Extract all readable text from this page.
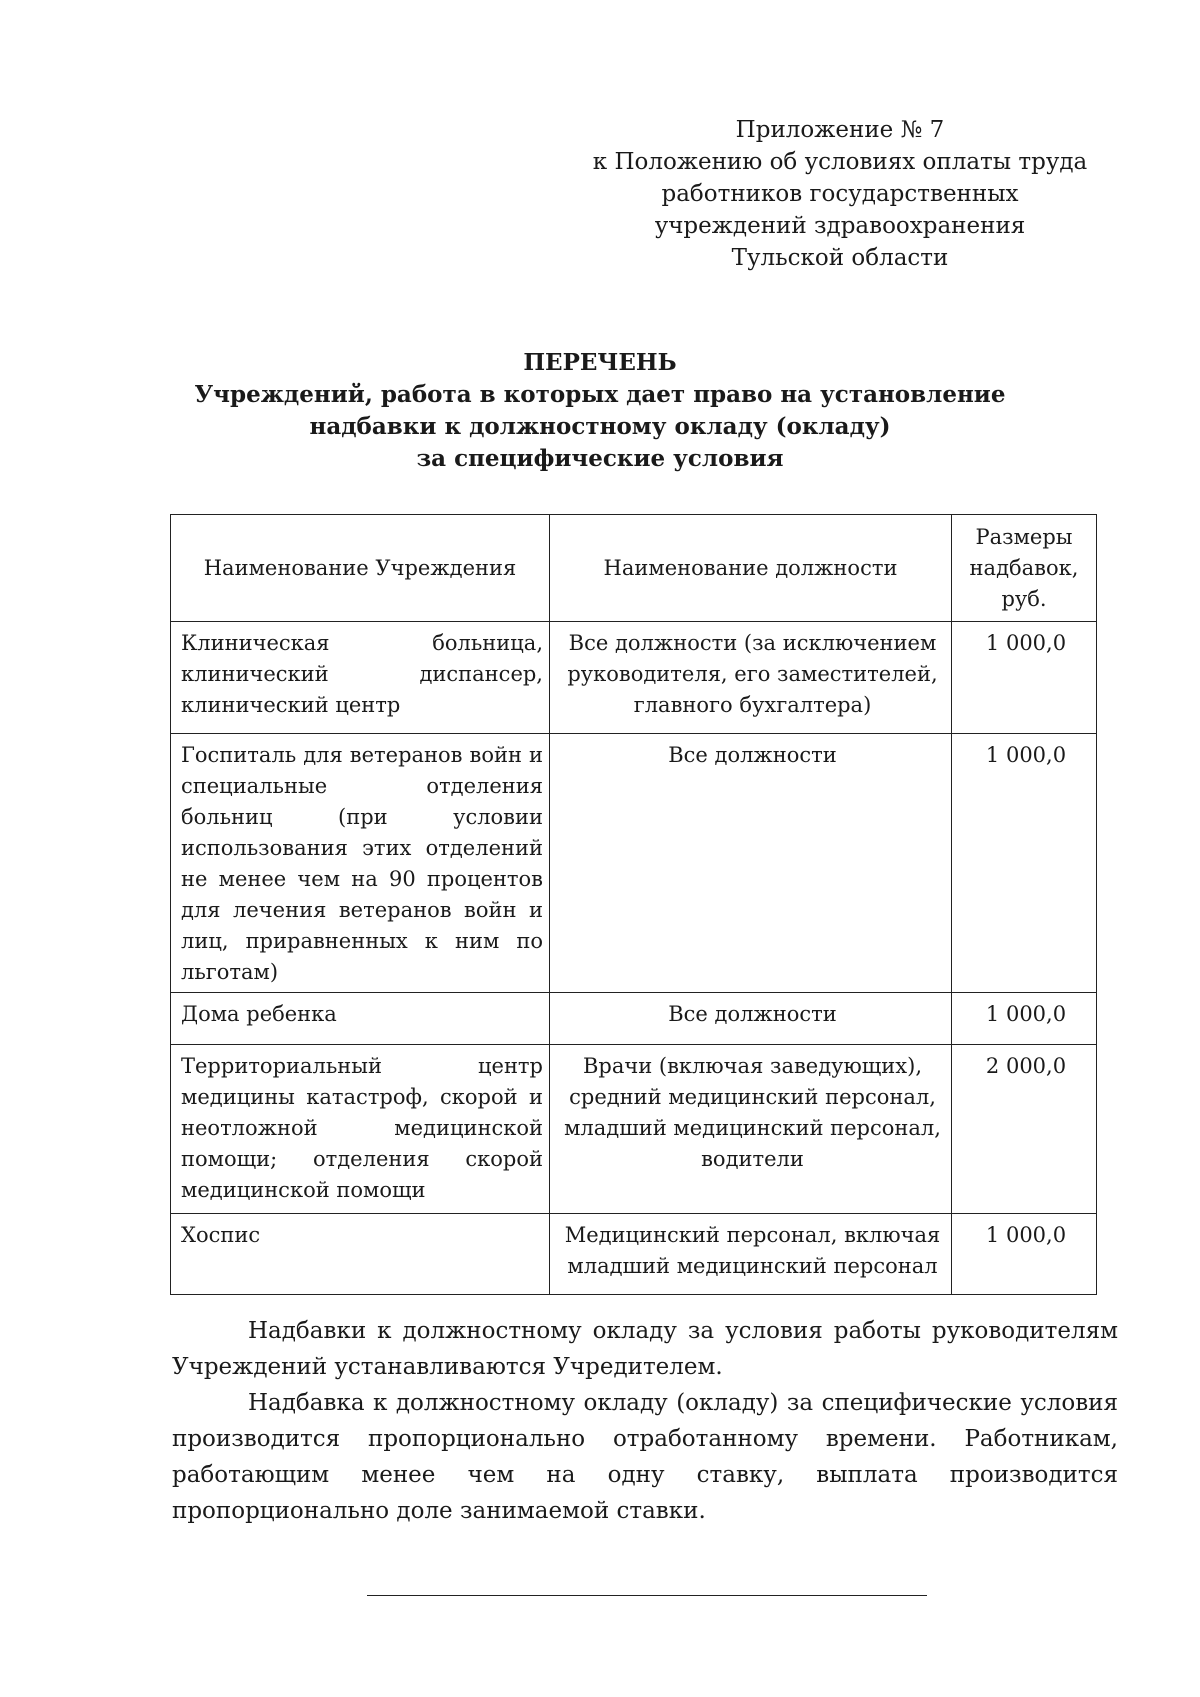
Приложение № 7
к Положению об условиях оплаты труда
работников государственных
учреждений здравоохранения
Тульской области
ПЕРЕЧЕНЬ
Учреждений, работа в которых дает право на установление
надбавки к должностному окладу (окладу)
за специфические условия
Наименование Учреждения	Наименование должности	Размеры надбавок, руб.
Клиническая больница, клинический диспансер, клинический центр	Все должности (за исключением руководителя, его заместителей, главного бухгалтера)	1 000,0
Госпиталь для ветеранов войн и специальные отделения больниц (при условии использования этих отделений не менее чем на 90 процентов для лечения ветеранов войн и лиц, приравненных к ним по льготам)	Все должности	1 000,0
Дома ребенка	Все должности	1 000,0
Территориальный центр медицины катастроф, скорой и неотложной медицинской помощи; отделения скорой медицинской помощи	Врачи (включая заведующих), средний медицинский персонал, младший медицинский персонал, водители	2 000,0
Хоспис	Медицинский персонал, включая младший медицинский персонал	1 000,0

Надбавки к должностному окладу за условия работы руководителям Учреждений устанавливаются Учредителем.

Надбавка к должностному окладу (окладу) за специфические условия производится пропорционально отработанному времени. Работникам, работающим менее чем на одну ставку, выплата производится пропорционально доле занимаемой ставки.
